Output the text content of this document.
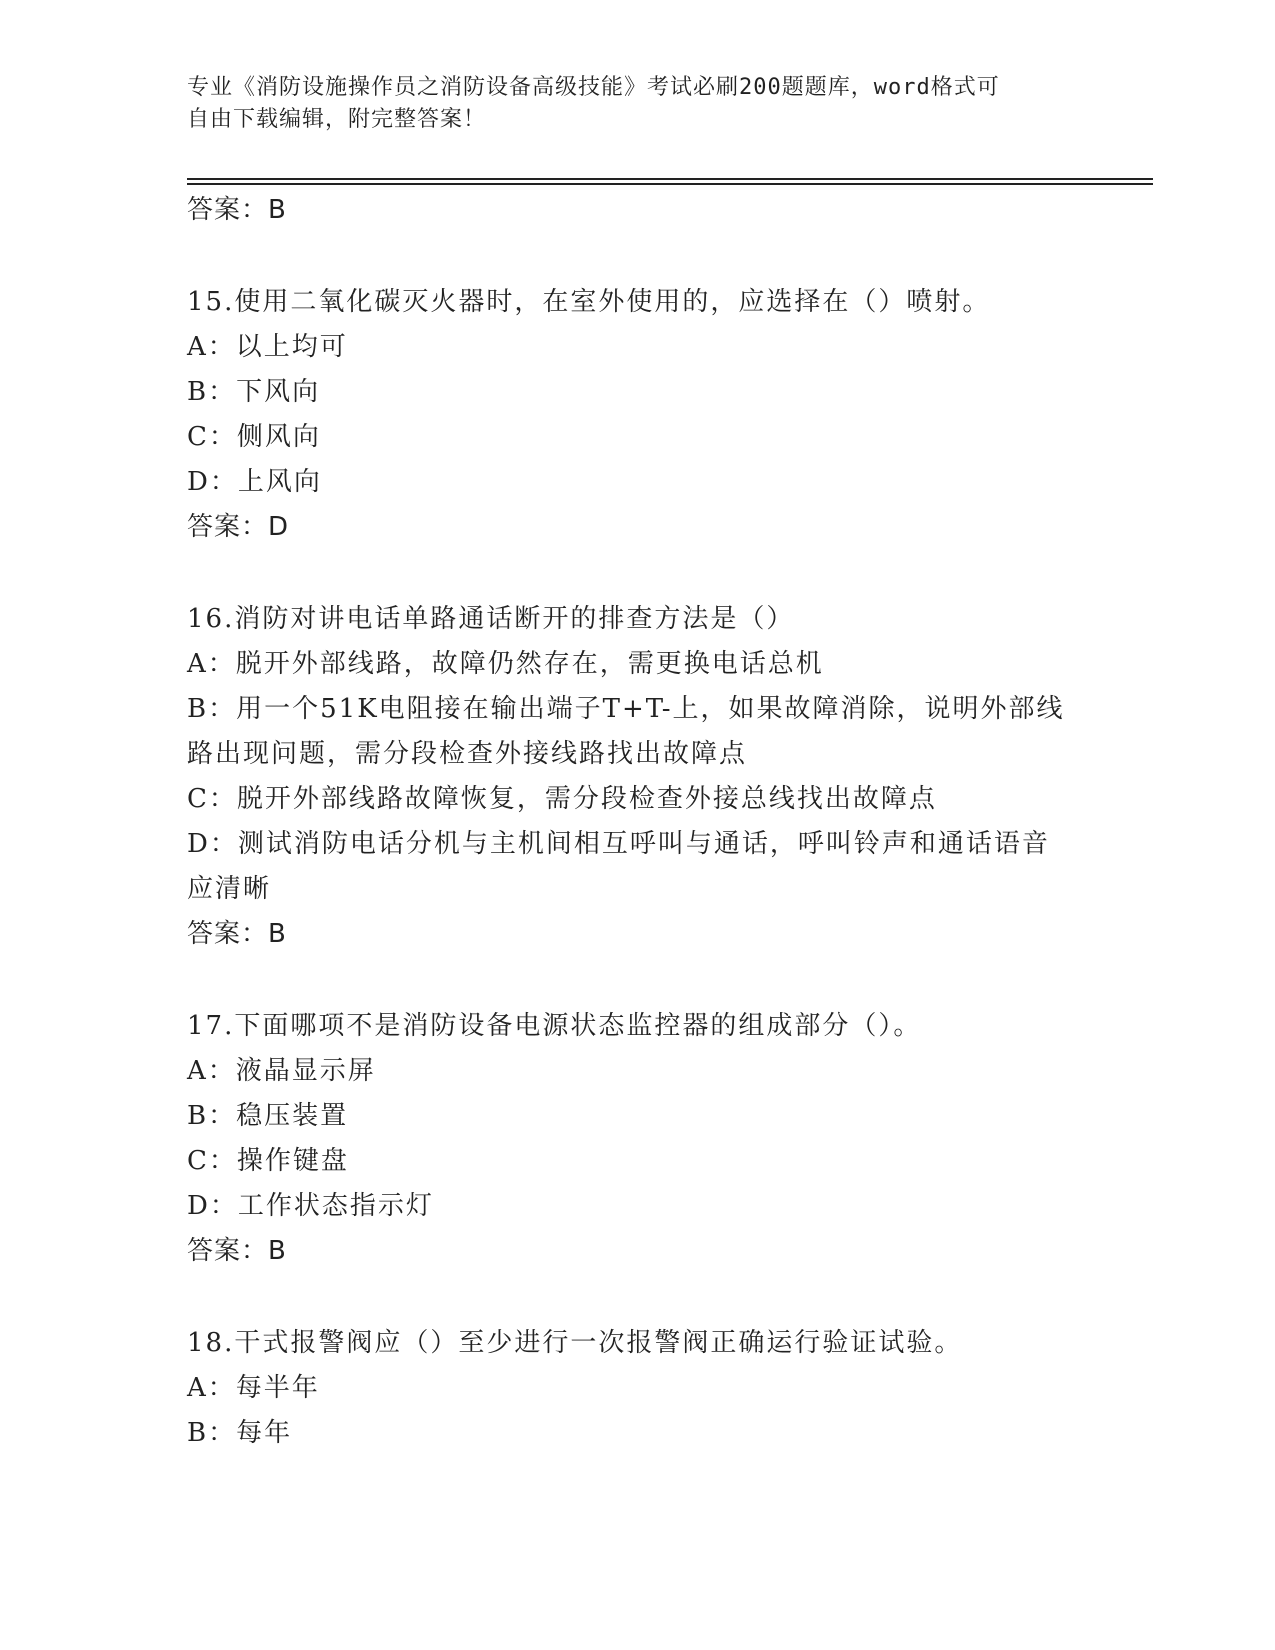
专业《消防设施操作员之消防设备高级技能》考试必刷200题题库，word格式可
自由下载编辑，附完整答案！
答案：B
15.使用二氧化碳灭火器时，在室外使用的，应选择在（）喷射。
A：以上均可
B：下风向
C：侧风向
D：上风向
答案：D
16.消防对讲电话单路通话断开的排查方法是（）
A：脱开外部线路，故障仍然存在，需更换电话总机
B：用一个51K电阻接在输出端子T+T-上，如果故障消除，说明外部线路出现问题，需分段检查外接线路找出故障点
C：脱开外部线路故障恢复，需分段检查外接总线找出故障点
D：测试消防电话分机与主机间相互呼叫与通话，呼叫铃声和通话语音应清晰
答案：B
17.下面哪项不是消防设备电源状态监控器的组成部分（）。
A：液晶显示屏
B：稳压装置
C：操作键盘
D：工作状态指示灯
答案：B
18.干式报警阀应（）至少进行一次报警阀正确运行验证试验。
A：每半年
B：每年
